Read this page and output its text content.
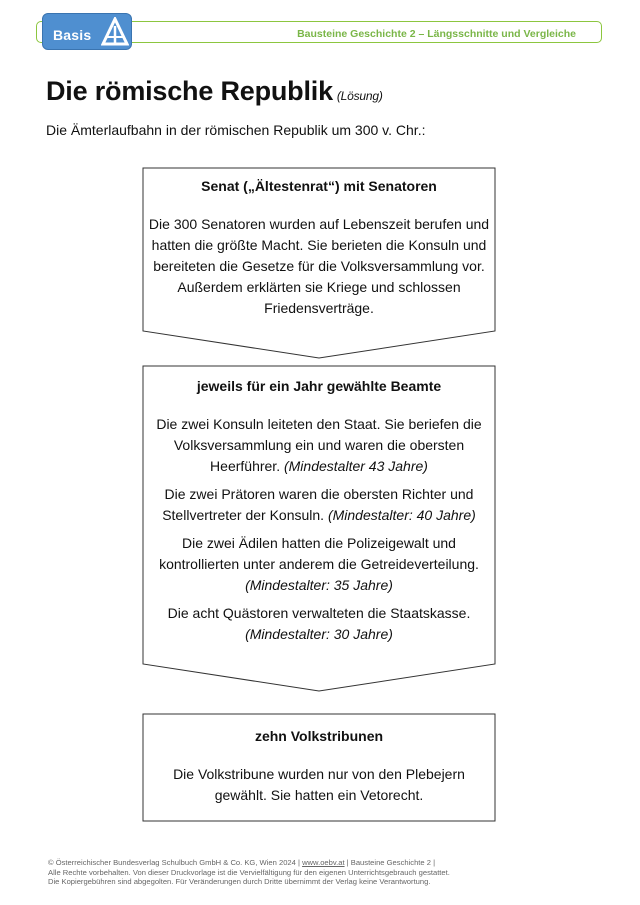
Bausteine Geschichte 2 – Längsschnitte und Vergleiche
Basis
Die römische Republik (Lösung)

Die Ämterlaufbahn in der römischen Republik um 300 v. Chr.:

Senat („Ältestenrat“) mit Senatoren

Die 300 Senatoren wurden auf Lebenszeit berufen und hatten die größte Macht. Sie berieten die Konsuln und bereiteten die Gesetze für die Volksversammlung vor. Außerdem erklärten sie Kriege und schlossen Friedensverträge.

jeweils für ein Jahr gewählte Beamte

Die zwei Konsuln leiteten den Staat. Sie beriefen die Volksversammlung ein und waren die obersten Heerführer. (Mindestalter 43 Jahre)

Die zwei Prätoren waren die obersten Richter und Stellvertreter der Konsuln. (Mindestalter: 40 Jahre)

Die zwei Ädilen hatten die Polizeigewalt und kontrollierten unter anderem die Getreideverteilung. (Mindestalter: 35 Jahre)

Die acht Quästoren verwalteten die Staatskasse. (Mindestalter: 30 Jahre)

zehn Volkstribunen

Die Volkstribune wurden nur von den Plebejern gewählt. Sie hatten ein Vetorecht.

© Österreichischer Bundesverlag Schulbuch GmbH & Co. KG, Wien 2024 | www.oebv.at | Bausteine Geschichte 2 |
Alle Rechte vorbehalten. Von dieser Druckvorlage ist die Vervielfältigung für den eigenen Unterrichtsgebrauch gestattet.
Die Kopiergebühren sind abgegolten. Für Veränderungen durch Dritte übernimmt der Verlag keine Verantwortung.
